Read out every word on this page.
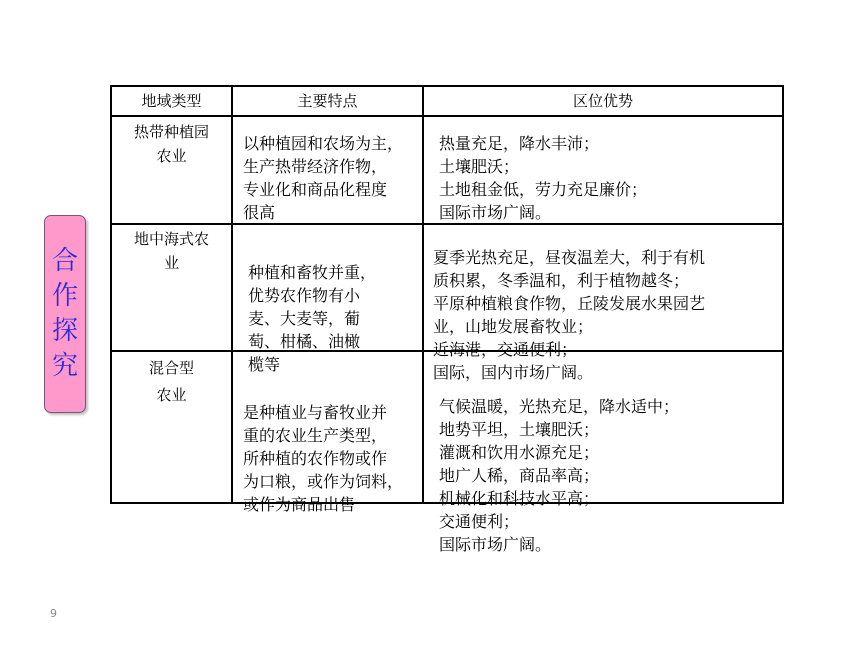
合
作
探
究
地域类型	主要特点	区位优势
热带种植园
农业
地中海式农
业
混合型
农业
以种植园和农场为主，
生产热带经济作物，
专业化和商品化程度
很高
种植和畜牧并重，
优势农作物有小
麦、大麦等，葡
萄、柑橘、油橄
榄等
是种植业与畜牧业并
重的农业生产类型，
所种植的农作物或作
为口粮，或作为饲料，
或作为商品出售
热量充足，降水丰沛；
土壤肥沃；
土地租金低，劳力充足廉价；
国际市场广阔。
夏季光热充足，昼夜温差大，利于有机
质积累，冬季温和，利于植物越冬；
平原种植粮食作物，丘陵发展水果园艺
业，山地发展畜牧业；
近海港，交通便利；
国际，国内市场广阔。
气候温暖，光热充足，降水适中；
地势平坦，土壤肥沃；
灌溉和饮用水源充足；
地广人稀，商品率高；
机械化和科技水平高；
交通便利；
国际市场广阔。
9
